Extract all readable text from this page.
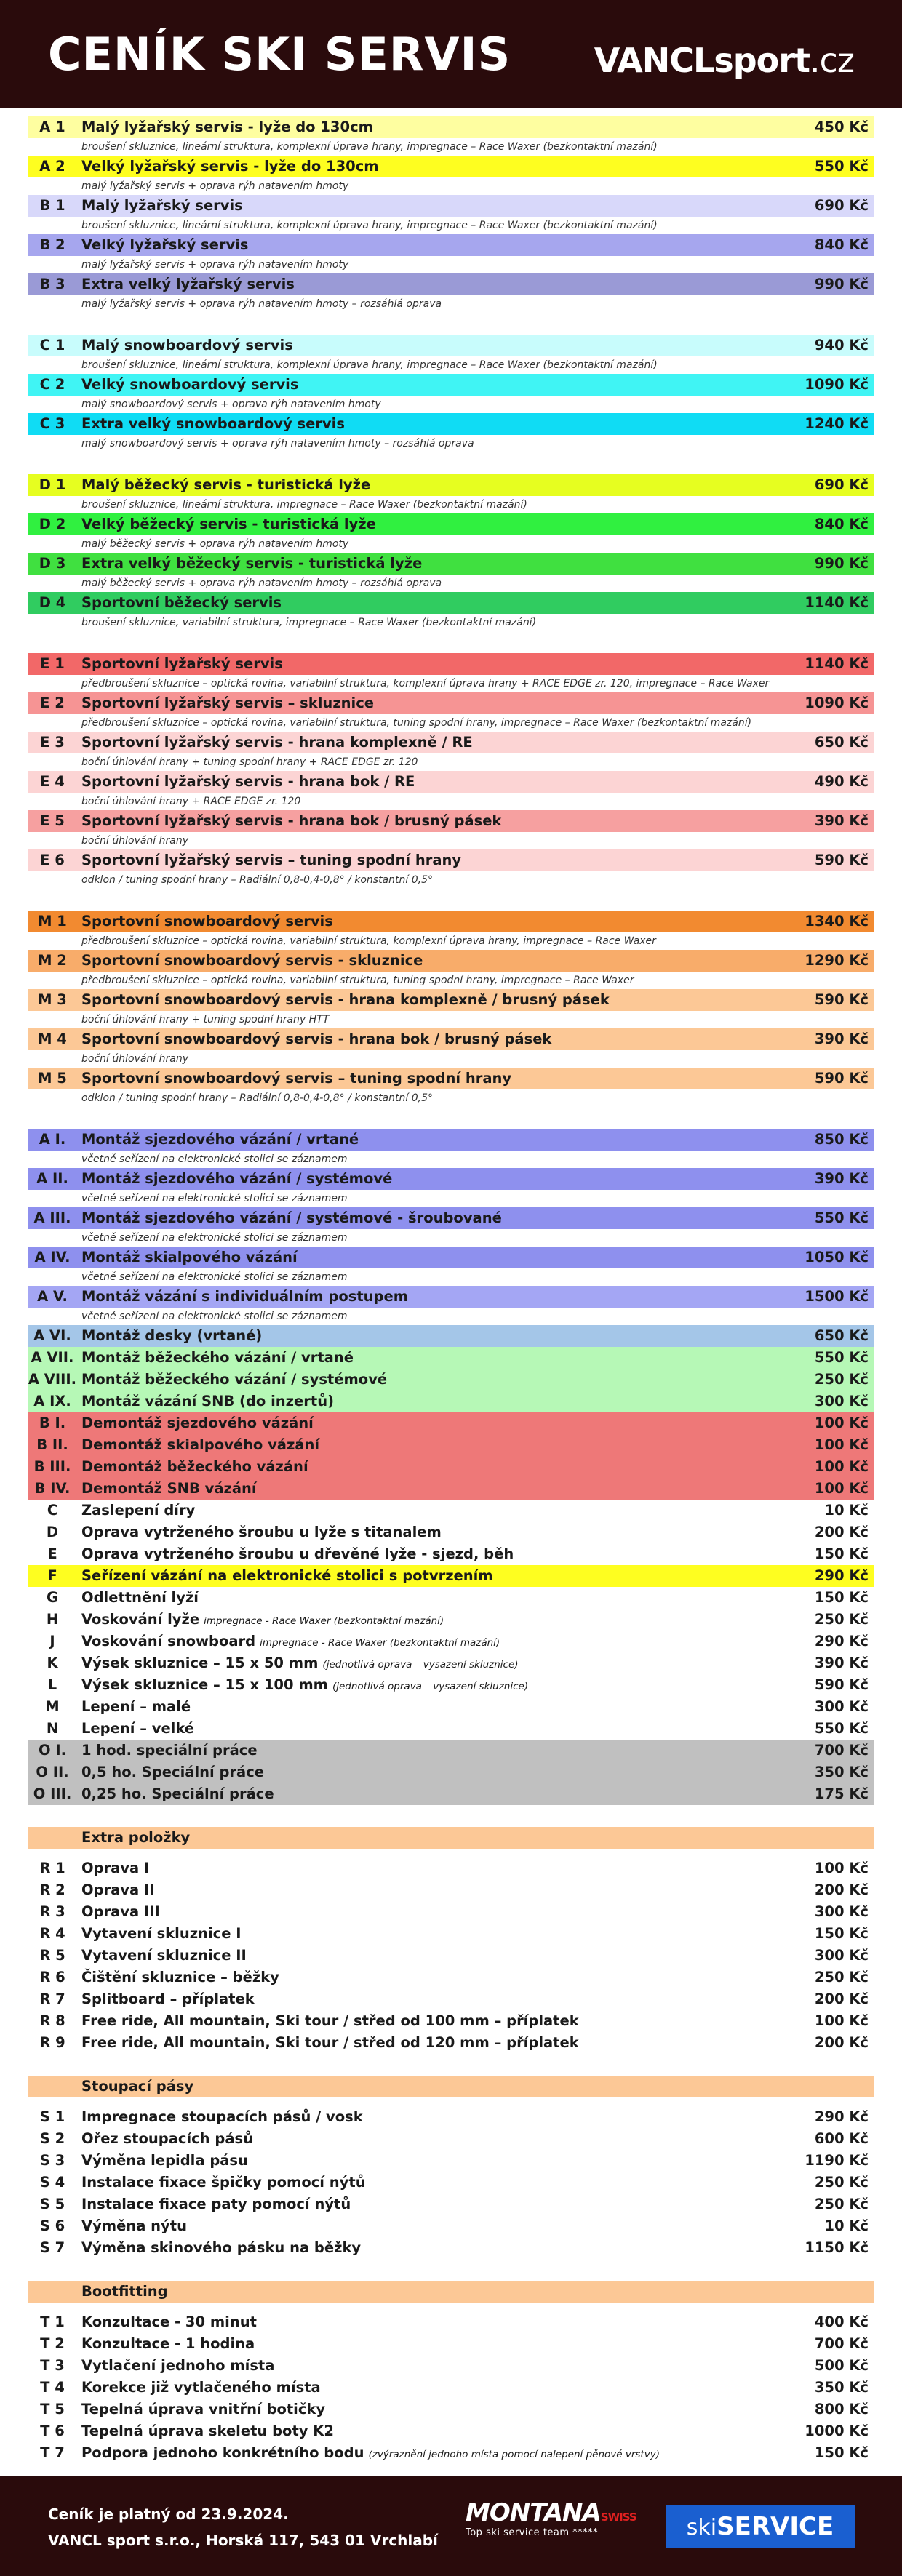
CENÍK SKI SERVIS VANCLsport.cz
A 1	Malý lyžařský servis - lyže do 130cm	450 Kč
broušení skluznice, lineární struktura, komplexní úprava hrany, impregnace – Race Waxer (bezkontaktní mazání)
A 2	Velký lyžařský servis - lyže do 130cm	550 Kč
malý lyžařský servis + oprava rýh natavením hmoty
B 1	Malý lyžařský servis	690 Kč
broušení skluznice, lineární struktura, komplexní úprava hrany, impregnace – Race Waxer (bezkontaktní mazání)
B 2	Velký lyžařský servis	840 Kč
malý lyžařský servis + oprava rýh natavením hmoty
B 3	Extra velký lyžařský servis	990 Kč
malý lyžařský servis + oprava rýh natavením hmoty – rozsáhlá oprava
C 1	Malý snowboardový servis	940 Kč
broušení skluznice, lineární struktura, komplexní úprava hrany, impregnace – Race Waxer (bezkontaktní mazání)
C 2	Velký snowboardový servis	1090 Kč
malý snowboardový servis + oprava rýh natavením hmoty
C 3	Extra velký snowboardový servis	1240 Kč
malý snowboardový servis + oprava rýh natavením hmoty – rozsáhlá oprava
D 1	Malý běžecký servis - turistická lyže	690 Kč
broušení skluznice, lineární struktura, impregnace – Race Waxer (bezkontaktní mazání)
D 2	Velký běžecký servis - turistická lyže	840 Kč
malý běžecký servis + oprava rýh natavením hmoty
D 3	Extra velký běžecký servis - turistická lyže	990 Kč
malý běžecký servis + oprava rýh natavením hmoty – rozsáhlá oprava
D 4	Sportovní běžecký servis	1140 Kč
broušení skluznice, variabilní struktura, impregnace – Race Waxer (bezkontaktní mazání)
E 1	Sportovní lyžařský servis	1140 Kč
předbroušení skluznice – optická rovina, variabilní struktura, komplexní úprava hrany + RACE EDGE zr. 120, impregnace – Race Waxer
E 2	Sportovní lyžařský servis – skluznice	1090 Kč
předbroušení skluznice – optická rovina, variabilní struktura, tuning spodní hrany, impregnace – Race Waxer (bezkontaktní mazání)
E 3	Sportovní lyžařský servis - hrana komplexně / RE	650 Kč
boční úhlování hrany + tuning spodní hrany + RACE EDGE zr. 120
E 4	Sportovní lyžařský servis - hrana bok / RE	490 Kč
boční úhlování hrany + RACE EDGE zr. 120
E 5	Sportovní lyžařský servis - hrana bok / brusný pásek	390 Kč
boční úhlování hrany
E 6	Sportovní lyžařský servis – tuning spodní hrany	590 Kč
odklon / tuning spodní hrany – Radiální 0,8-0,4-0,8° / konstantní 0,5°
M 1	Sportovní snowboardový servis	1340 Kč
předbroušení skluznice – optická rovina, variabilní struktura, komplexní úprava hrany, impregnace – Race Waxer
M 2	Sportovní snowboardový servis - skluznice	1290 Kč
předbroušení skluznice – optická rovina, variabilní struktura, tuning spodní hrany, impregnace – Race Waxer
M 3	Sportovní snowboardový servis - hrana komplexně / brusný pásek	590 Kč
boční úhlování hrany + tuning spodní hrany HTT
M 4	Sportovní snowboardový servis - hrana bok / brusný pásek	390 Kč
boční úhlování hrany
M 5	Sportovní snowboardový servis – tuning spodní hrany	590 Kč
odklon / tuning spodní hrany – Radiální 0,8-0,4-0,8° / konstantní 0,5°
A I.	Montáž sjezdového vázání / vrtané	850 Kč
včetně seřízení na elektronické stolici se záznamem
A II. Montáž sjezdového vázání / systémové	390 Kč
včetně seřízení na elektronické stolici se záznamem
A III. Montáž sjezdového vázání / systémové - šroubované	550 Kč
včetně seřízení na elektronické stolici se záznamem
A IV. Montáž skialpového vázání	1050 Kč
včetně seřízení na elektronické stolici se záznamem
A V. Montáž vázání s individuálním postupem	1500 Kč
včetně seřízení na elektronické stolici se záznamem
A VI. Montáž desky (vrtané)	650 Kč
A VII. Montáž běžeckého vázání / vrtané	550 Kč
A VIII. Montáž běžeckého vázání / systémové	250 Kč
A IX. Montáž vázání SNB (do inzertů)	300 Kč
B I.	Demontáž sjezdového vázání	100 Kč
B II. Demontáž skialpového vázání	100 Kč
B III. Demontáž běžeckého vázání	100 Kč
B IV. Demontáž SNB vázání	100 Kč
C	Zaslepení díry	10 Kč
D	Oprava vytrženého šroubu u lyže s titanalem	200 Kč
E	Oprava vytrženého šroubu u dřevěné lyže - sjezd, běh	150 Kč
F	Seřízení vázání na elektronické stolici s potvrzením	290 Kč
G	Odlettnění lyží	150 Kč
H	Voskování lyže impregnace - Race Waxer (bezkontaktní mazání)	250 Kč
J	Voskování snowboard impregnace - Race Waxer (bezkontaktní mazání)	290 Kč
K	Výsek skluznice – 15 x 50 mm (jednotlivá oprava – vysazení skluznice)	390 Kč
L	Výsek skluznice – 15 x 100 mm (jednotlivá oprava – vysazení skluznice)	590 Kč
M	Lepení – malé	300 Kč
N	Lepení – velké	550 Kč
O I.	1 hod. speciální práce	700 Kč
O II. 0,5 ho. Speciální práce	350 Kč
O III. 0,25 ho. Speciální práce	175 Kč
Extra položky
R 1	Oprava I	100 Kč
R 2	Oprava II	200 Kč
R 3	Oprava III	300 Kč
R 4	Vytavení skluznice I	150 Kč
R 5	Vytavení skluznice II	300 Kč
R 6	Čištění skluznice – běžky	250 Kč
R 7	Splitboard – příplatek	200 Kč
R 8	Free ride, All mountain, Ski tour / střed od 100 mm – příplatek	100 Kč
R 9	Free ride, All mountain, Ski tour / střed od 120 mm – příplatek	200 Kč
Stoupací pásy
S 1	Impregnace stoupacích pásů / vosk	290 Kč
S 2	Ořez stoupacích pásů	600 Kč
S 3	Výměna lepidla pásu	1190 Kč
S 4	Instalace fixace špičky pomocí nýtů	250 Kč
S 5	Instalace fixace paty pomocí nýtů	250 Kč
S 6	Výměna nýtu	10 Kč
S 7	Výměna skinového pásku na běžky	1150 Kč
Bootfitting
T 1	Konzultace - 30 minut	400 Kč
T 2	Konzultace - 1 hodina	700 Kč
T 3	Vytlačení jednoho místa	500 Kč
T 4	Korekce již vytlačeného místa	350 Kč
T 5	Tepelná úprava vnitřní botičky	800 Kč
T 6	Tepelná úprava skeletu boty K2	1000 Kč
T 7	Podpora jednoho konkrétního bodu (zvýraznění jednoho místa pomocí nalepení pěnové vrstvy)	150 Kč
Ceník je platný od 23.9.2024.
VANCL sport s.r.o., Horská 117, 543 01 Vrchlabí
MONTANASWISS
Top ski service team *****	skiSERVICE
